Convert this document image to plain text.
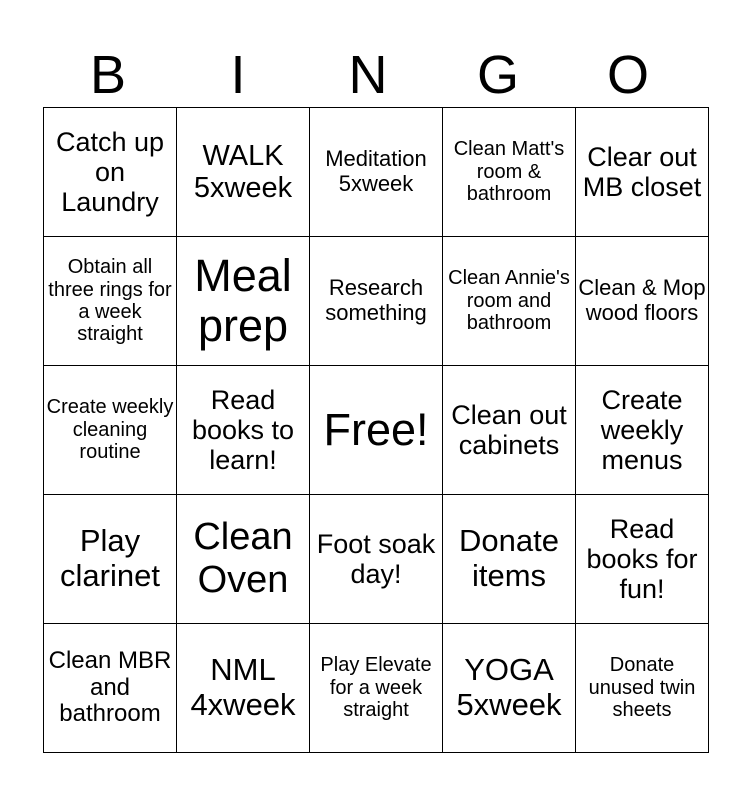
B	I	N	G	O
Catch up on Laundry	WALK 5xweek	Meditation 5xweek	Clean Matt's room & bathroom	Clear out MB closet
Obtain all three rings for a week straight	Meal prep	Research something	Clean Annie's room and bathroom	Clean & Mop wood floors
Create weekly cleaning routine	Read books to learn!	Free!	Clean out cabinets	Create weekly menus
Play clarinet	Clean Oven	Foot soak day!	Donate items	Read books for fun!
Clean MBR and bathroom	NML 4xweek	Play Elevate for a week straight	YOGA 5xweek	Donate unused twin sheets
